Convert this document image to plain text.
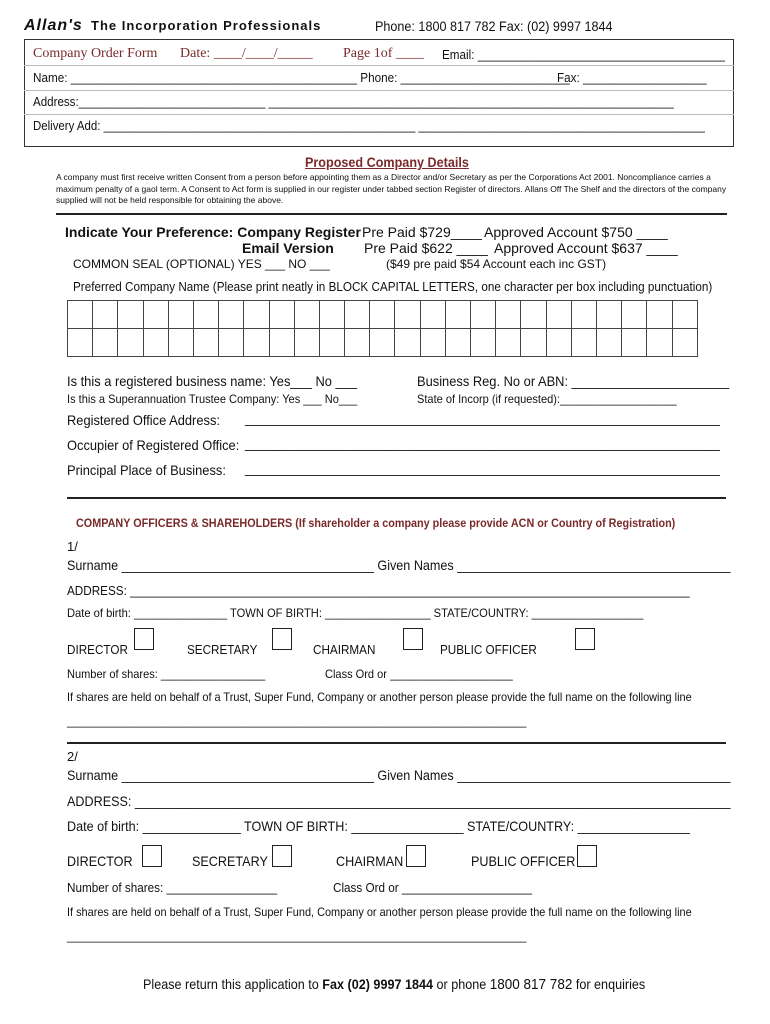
Allan's The Incorporation Professionals	Phone: 1800 817 782 Fax: (02) 9997 1844
Company Order Form Date: ____/____/_____ Page 1of ____ Email: ______________________________________
Name: ____________________________________________ Phone: __________________________
Fax: ___________________
Address:_____________________________ _______________________________________________________________
Delivery Add: _________________________________________________ _____________________________________________
Proposed Company Details
A company must first receive written Consent from a person before appointing them as a Director and/or Secretary as per the Corporations Act 2001. Noncompliance carries a maximum penalty of a gaol term. A Consent to Act form is supplied in our register under tabbed section Register of directors. Allans Off The Shelf and the directors of the company supplied will not be held responsible for obtaining the above.
Indicate Your Preference: Company Register Pre Paid $729____ Approved Account $750 ____
Email Version Pre Paid $622 ____ Approved Account $637 ____
COMMON SEAL (OPTIONAL) YES ___ NO ___	($49 pre paid $54 Account each inc GST)
Preferred Company Name (Please print neatly in BLOCK CAPITAL LETTERS, one character per box including punctuation)

Is this a registered business name: Yes___ No ___	Business Reg. No or ABN: ______________________
Is this a Superannuation Trustee Company: Yes ___ No___	State of Incorp (if requested):___________________
Registered Office Address: _____________________________________________________________
Occupier of Registered Office: _____________________________________________________________
Principal Place of Business: _____________________________________________________________
COMPANY OFFICERS & SHAREHOLDERS (If shareholder a company please provide ACN or Country of Registration)
1/
Surname ____________________________________ Given Names _______________________________________
ADDRESS: ______________________________________________________________________________________
Date of birth: _______________ TOWN OF BIRTH: _________________ STATE/COUNTRY: __________________
DIRECTOR	SECRETARY	CHAIRMAN	PUBLIC OFFICER
Number of shares: _________________	Class Ord or ____________________
If shares are held on behalf of a Trust, Super Fund, Company or another person please provide the full name on the following line
__________________________________________________________________________
2/
Surname ____________________________________ Given Names _______________________________________
ADDRESS: _____________________________________________________________________________________
Date of birth: ______________ TOWN OF BIRTH: ________________ STATE/COUNTRY: ________________
DIRECTOR	SECRETARY	CHAIRMAN	PUBLIC OFFICER
Number of shares: _________________	Class Ord or ____________________
If shares are held on behalf of a Trust, Super Fund, Company or another person please provide the full name on the following line
__________________________________________________________________________
Please return this application to Fax (02) 9997 1844 or phone 1800 817 782 for enquiries
